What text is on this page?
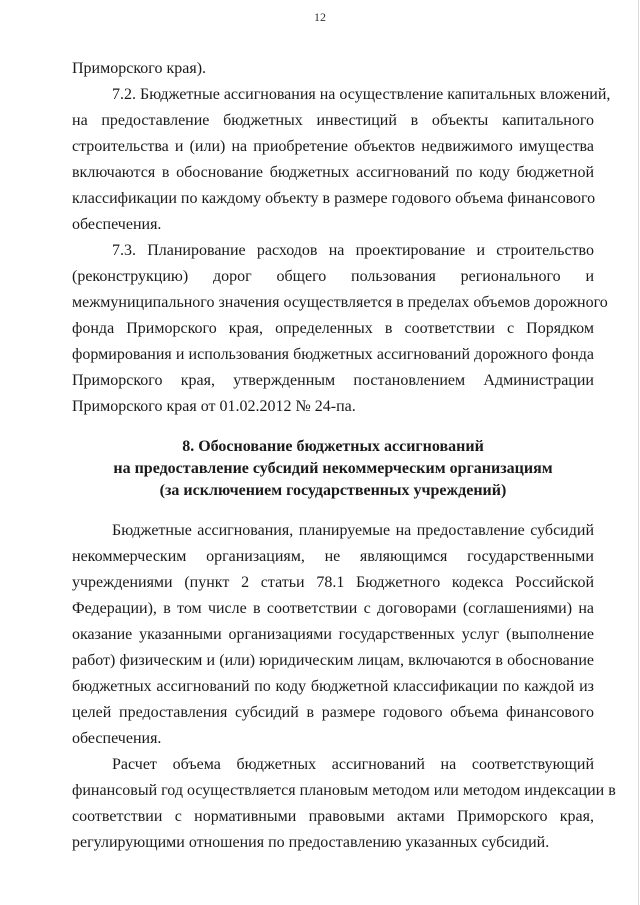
12
Приморского края).
7.2. Бюджетные ассигнования на осуществление капитальных вложений,
на предоставление бюджетных инвестиций в объекты капитального
строительства и (или) на приобретение объектов недвижимого имущества
включаются в обоснование бюджетных ассигнований по коду бюджетной
классификации по каждому объекту в размере годового объема финансового
обеспечения.
7.3. Планирование расходов на проектирование и строительство
(реконструкцию) дорог общего пользования регионального и
межмуниципального значения осуществляется в пределах объемов дорожного
фонда Приморского края, определенных в соответствии с Порядком
формирования и использования бюджетных ассигнований дорожного фонда
Приморского края, утвержденным постановлением Администрации
Приморского края от 01.02.2012 № 24-па.
8. Обоснование бюджетных ассигнований
на предоставление субсидий некоммерческим организациям
(за исключением государственных учреждений)
Бюджетные ассигнования, планируемые на предоставление субсидий
некоммерческим организациям, не являющимся государственными
учреждениями (пункт 2 статьи 78.1 Бюджетного кодекса Российской
Федерации), в том числе в соответствии с договорами (соглашениями) на
оказание указанными организациями государственных услуг (выполнение
работ) физическим и (или) юридическим лицам, включаются в обоснование
бюджетных ассигнований по коду бюджетной классификации по каждой из
целей предоставления субсидий в размере годового объема финансового
обеспечения.
Расчет объема бюджетных ассигнований на соответствующий
финансовый год осуществляется плановым методом или методом индексации в
соответствии с нормативными правовыми актами Приморского края,
регулирующими отношения по предоставлению указанных субсидий.
